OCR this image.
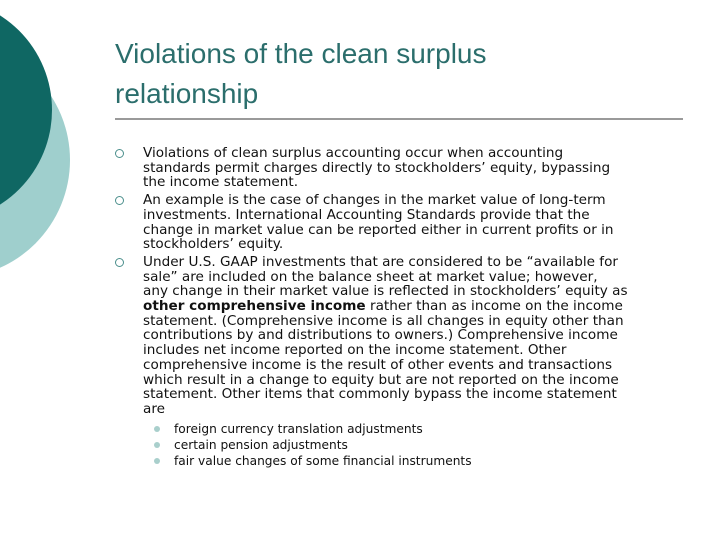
Violations of the clean surplus relationship
Violations of clean surplus accounting occur when accounting
standards permit charges directly to stockholders’ equity, bypassing
the income statement.
An example is the case of changes in the market value of long-term
investments. International Accounting Standards provide that the
change in market value can be reported either in current profits or in
stockholders’ equity.
Under U.S. GAAP investments that are considered to be “available for
sale” are included on the balance sheet at market value; however,
any change in their market value is reflected in stockholders’ equity as
other comprehensive income rather than as income on the income
statement. (Comprehensive income is all changes in equity other than
contributions by and distributions to owners.) Comprehensive income
includes net income reported on the income statement. Other
comprehensive income is the result of other events and transactions
which result in a change to equity but are not reported on the income
statement. Other items that commonly bypass the income statement
are
foreign currency translation adjustments
certain pension adjustments
fair value changes of some financial instruments
